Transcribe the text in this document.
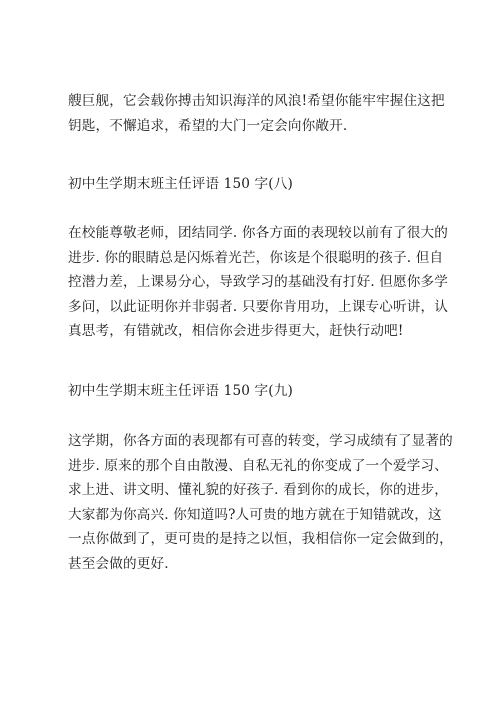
艘巨舰，它会载你搏击知识海洋的风浪!希望你能牢牢握住这把
钥匙，不懈追求，希望的大门一定会向你敞开.

初中生学期末班主任评语 150 字(八)

在校能尊敬老师，团结同学. 你各方面的表现较以前有了很大的
进步. 你的眼睛总是闪烁着光芒，你该是个很聪明的孩子. 但自
控潜力差，上课易分心，导致学习的基础没有打好. 但愿你多学
多问，以此证明你并非弱者. 只要你肯用功，上课专心听讲，认
真思考，有错就改，相信你会进步得更大，赶快行动吧!

初中生学期末班主任评语 150 字(九)

这学期，你各方面的表现都有可喜的转变，学习成绩有了显著的
进步. 原来的那个自由散漫、自私无礼的你变成了一个爱学习、
求上进、讲文明、懂礼貌的好孩子. 看到你的成长，你的进步，
大家都为你高兴. 你知道吗?人可贵的地方就在于知错就改，这
一点你做到了，更可贵的是持之以恒，我相信你一定会做到的，
甚至会做的更好.
